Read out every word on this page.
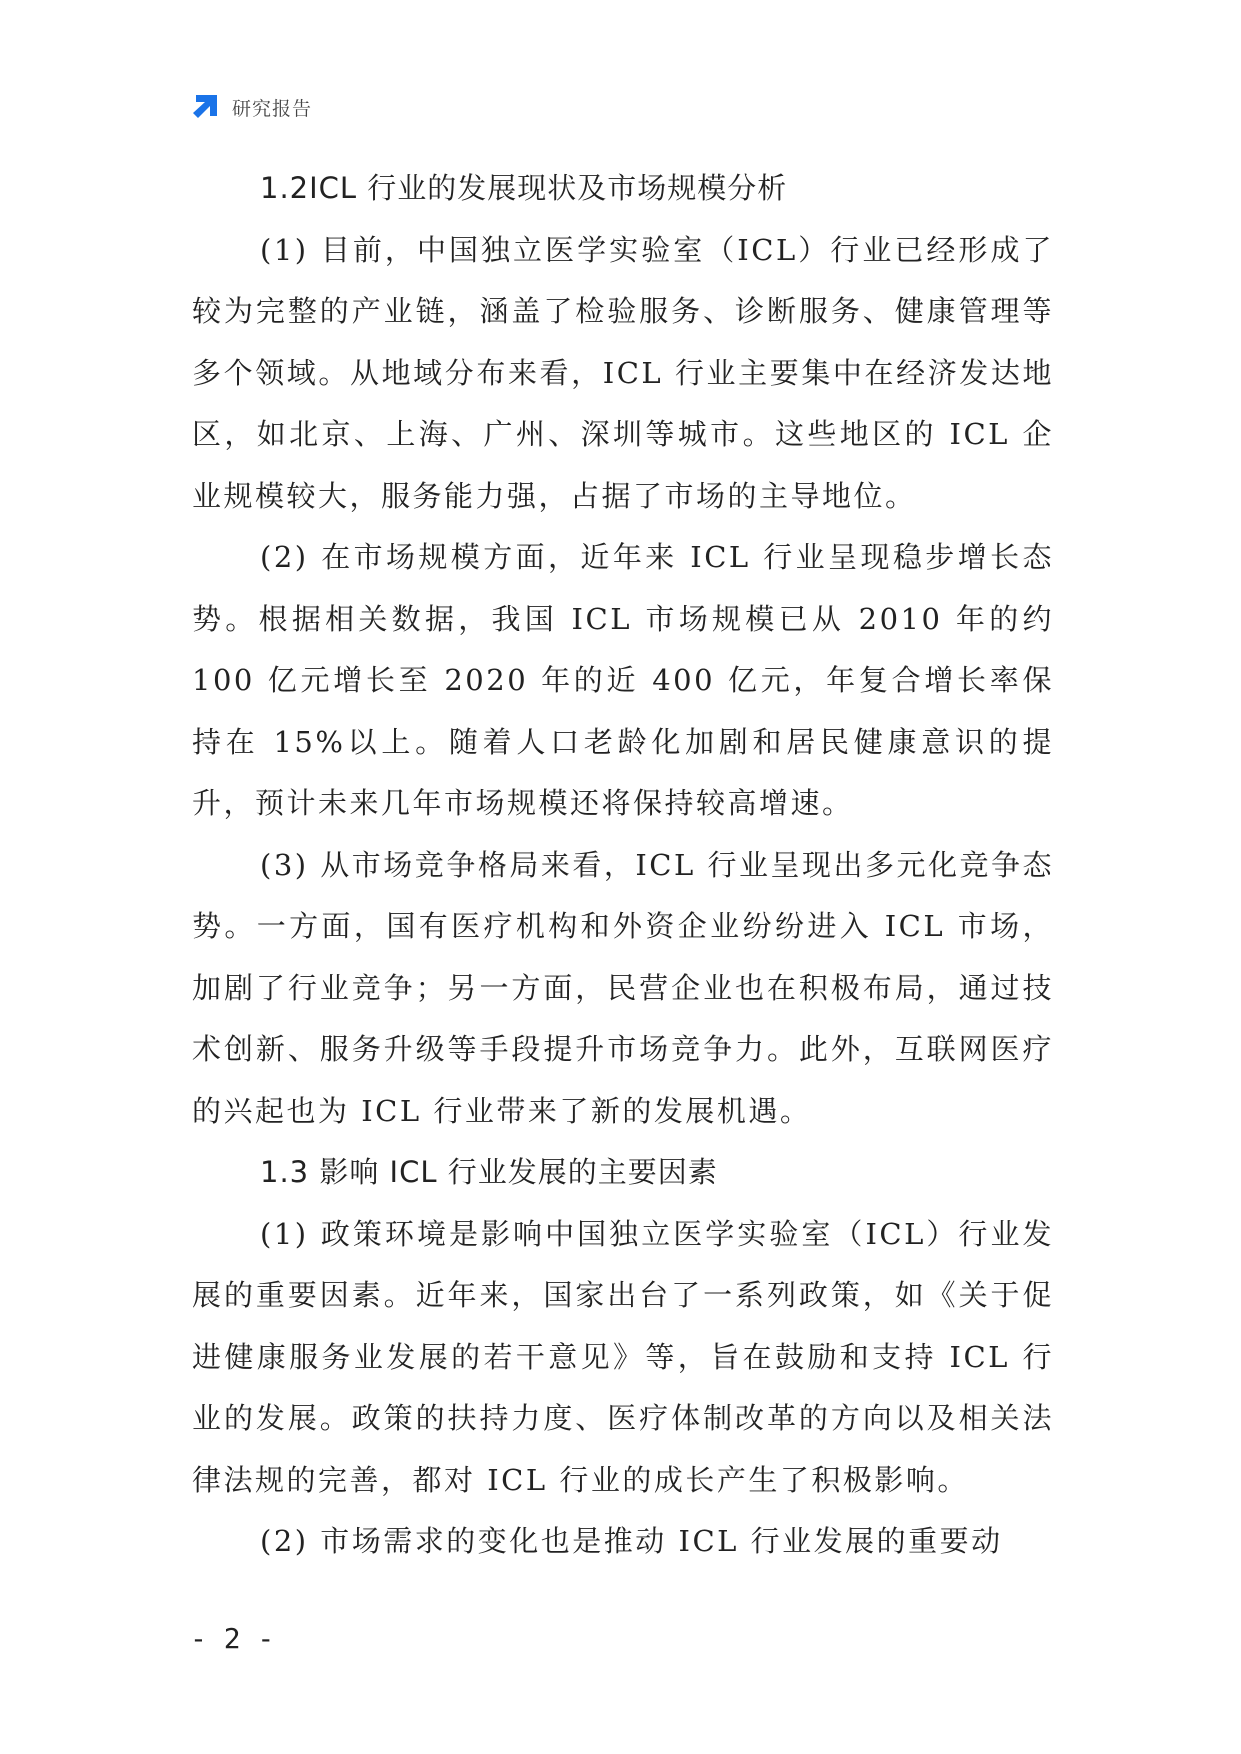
研究报告
1.2ICL 行业的发展现状及市场规模分析

(1) 目前，中国独立医学实验室（ICL）行业已经形成了较为完整的产业链，涵盖了检验服务、诊断服务、健康管理等多个领域。从地域分布来看，ICL 行业主要集中在经济发达地区，如北京、上海、广州、深圳等城市。这些地区的 ICL 企业规模较大，服务能力强，占据了市场的主导地位。

(2) 在市场规模方面，近年来 ICL 行业呈现稳步增长态势。根据相关数据，我国 ICL 市场规模已从 2010 年的约 100 亿元增长至 2020 年的近 400 亿元，年复合增长率保持在 15%以上。随着人口老龄化加剧和居民健康意识的提升，预计未来几年市场规模还将保持较高增速。

(3) 从市场竞争格局来看，ICL 行业呈现出多元化竞争态势。一方面，国有医疗机构和外资企业纷纷进入 ICL 市场，加剧了行业竞争；另一方面，民营企业也在积极布局，通过技术创新、服务升级等手段提升市场竞争力。此外，互联网医疗的兴起也为 ICL 行业带来了新的发展机遇。

1.3 影响 ICL 行业发展的主要因素

(1) 政策环境是影响中国独立医学实验室（ICL）行业发展的重要因素。近年来，国家出台了一系列政策，如《关于促进健康服务业发展的若干意见》等，旨在鼓励和支持 ICL 行业的发展。政策的扶持力度、医疗体制改革的方向以及相关法律法规的完善，都对 ICL 行业的成长产生了积极影响。

(2) 市场需求的变化也是推动 ICL 行业发展的重要动

- 2 -
